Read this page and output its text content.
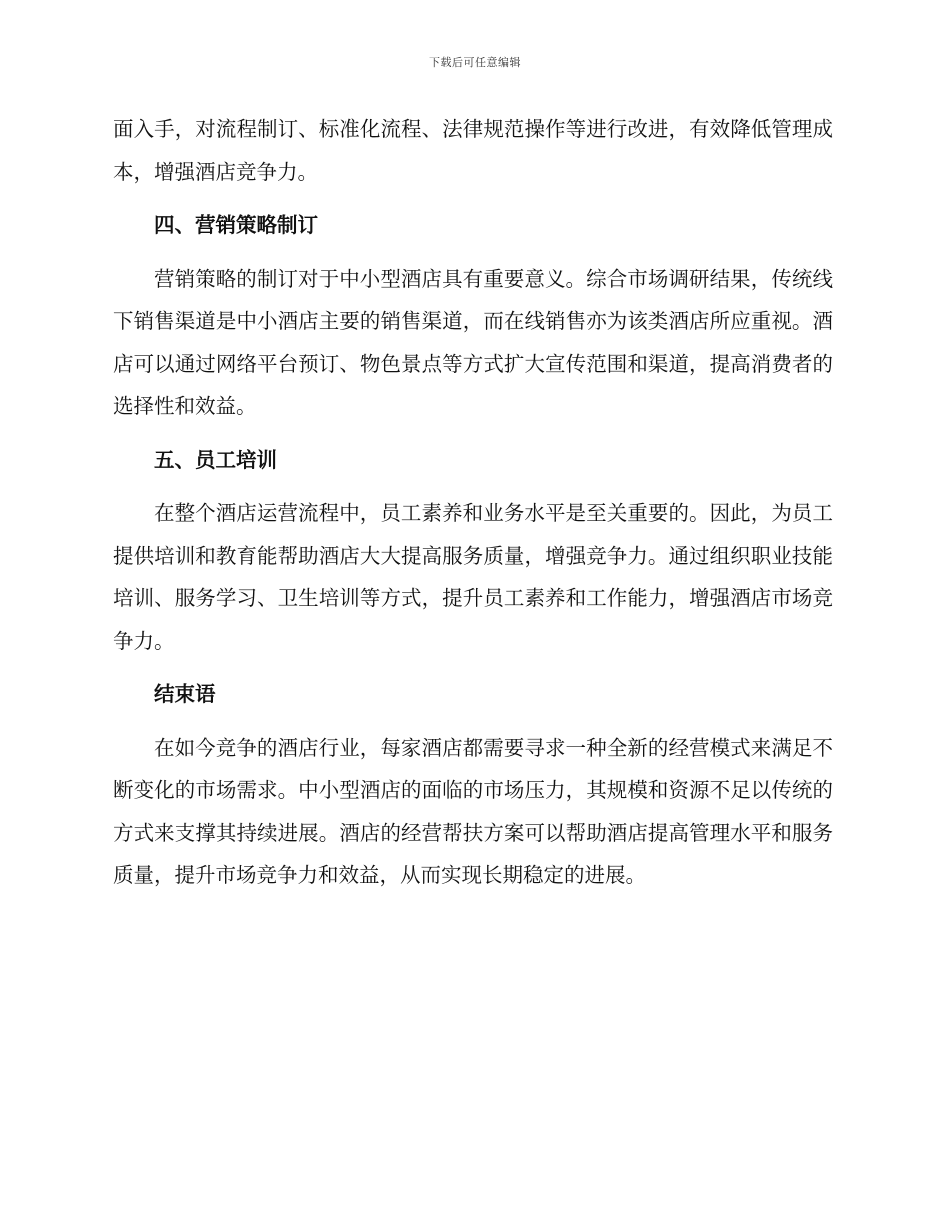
下载后可任意编辑

面入手，对流程制订、标准化流程、法律规范操作等进行改进，有效降低管理成本，增强酒店竞争力。

四、营销策略制订

营销策略的制订对于中小型酒店具有重要意义。综合市场调研结果，传统线下销售渠道是中小酒店主要的销售渠道，而在线销售亦为该类酒店所应重视。酒店可以通过网络平台预订、物色景点等方式扩大宣传范围和渠道，提高消费者的选择性和效益。

五、员工培训

在整个酒店运营流程中，员工素养和业务水平是至关重要的。因此，为员工提供培训和教育能帮助酒店大大提高服务质量，增强竞争力。通过组织职业技能培训、服务学习、卫生培训等方式，提升员工素养和工作能力，增强酒店市场竞争力。

结束语

在如今竞争的酒店行业，每家酒店都需要寻求一种全新的经营模式来满足不断变化的市场需求。中小型酒店的面临的市场压力，其规模和资源不足以传统的方式来支撑其持续进展。酒店的经营帮扶方案可以帮助酒店提高管理水平和服务质量，提升市场竞争力和效益，从而实现长期稳定的进展。
